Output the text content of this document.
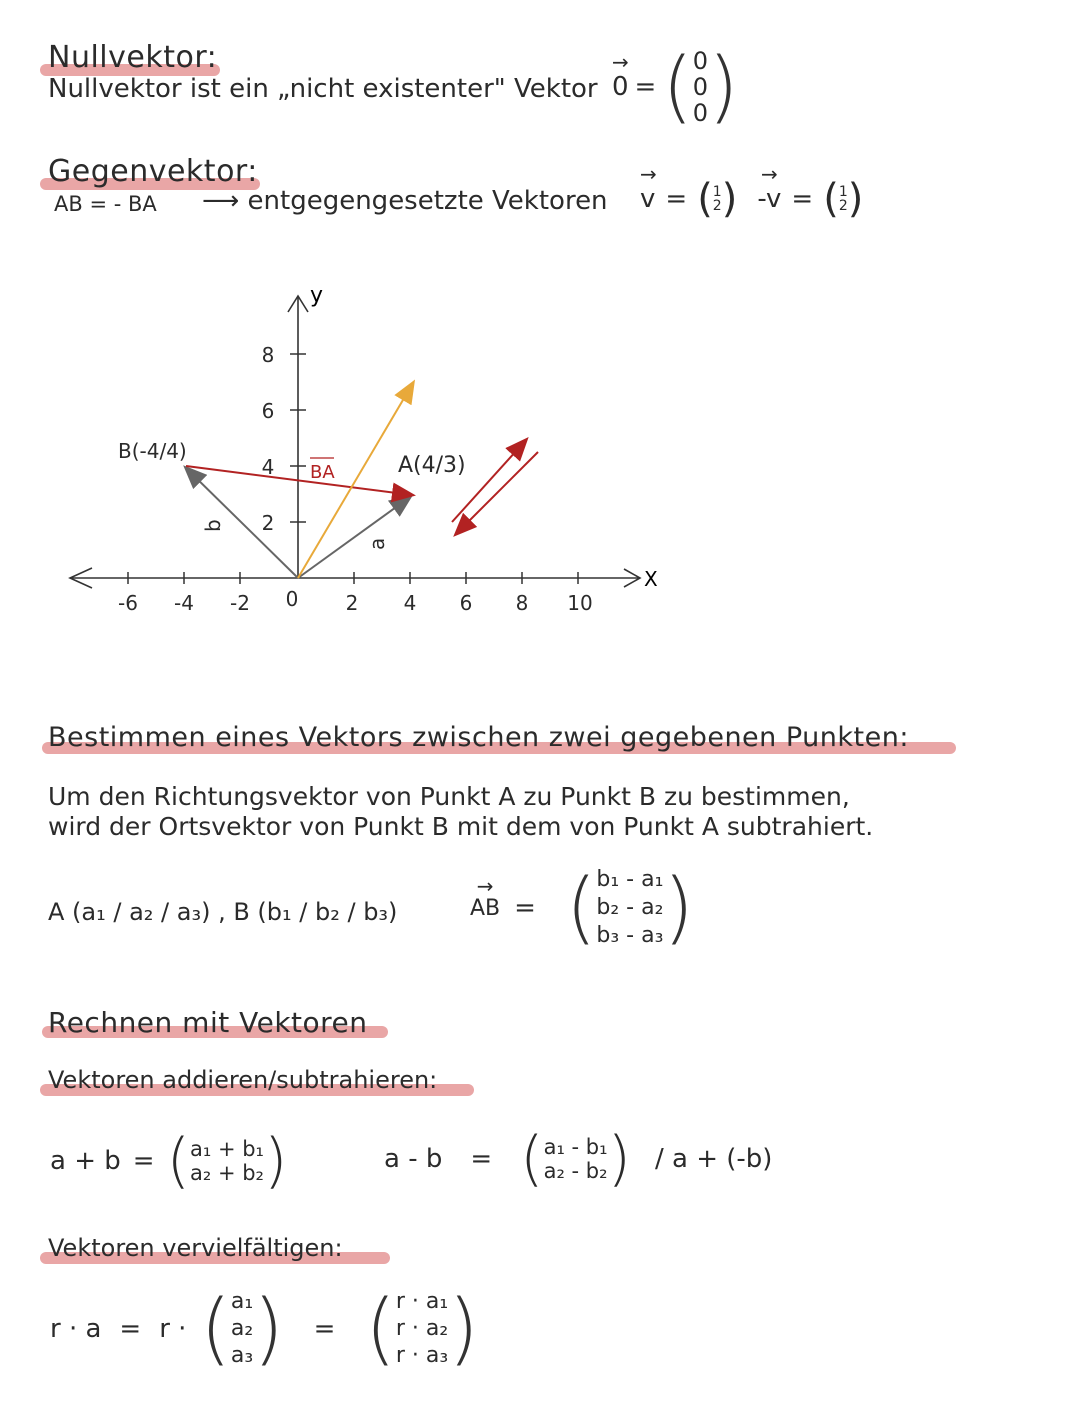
Nullvektor:
Nullvektor ist ein „nicht existenter" Vektor → 0 = ( 0
0
0 )
Gegenvektor:
AB = - BA ⟶ entgegengesetzte Vektoren → v = ( 1
2 ) → -v = ( 1
2 )
X
y
-6 -4 -2 0 2 4 6 8 10
2
4
6
8
B(-4/4)
A(4/3)
BA
b
a
Bestimmen eines Vektors zwischen zwei gegebenen Punkten:
Um den Richtungsvektor von Punkt A zu Punkt B zu bestimmen,
wird der Ortsvektor von Punkt B mit dem von Punkt A subtrahiert.
A (a₁ / a₂ / a₃) , B (b₁ / b₂ / b₃)	→ AB = ( b₁ - a₁
b₂ - a₂
b₃ - a₃ )
Rechnen mit Vektoren
Vektoren addieren/subtrahieren:
a + b = ( a₁ + b₁
a₂ + b₂ )	a - b = ( a₁ - b₁
a₂ - b₂ ) / a + (-b)
Vektoren vervielfältigen:
r · a = r · ( a₁
a₂
a₃ ) = ( r · a₁
r · a₂
r · a₃ )
